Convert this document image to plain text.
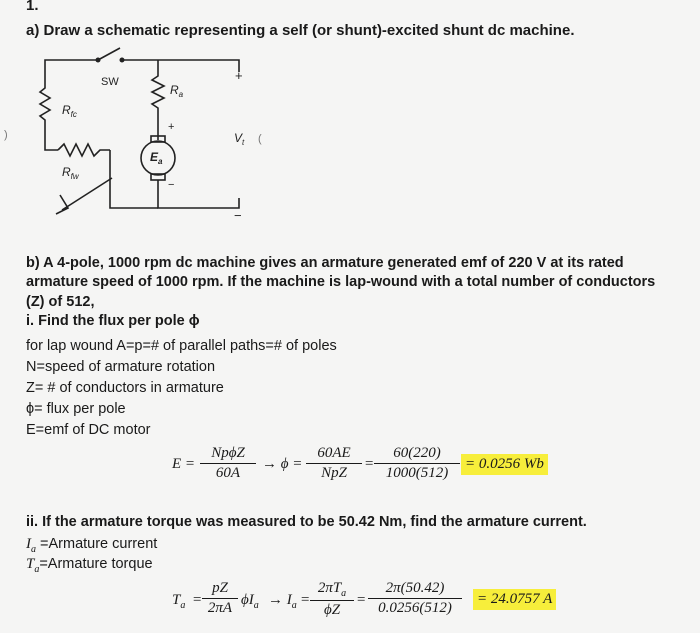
1.
a) Draw a schematic representing a self (or shunt)-excited shunt dc machine.
SW
$R_a$
$R_{fc}$
$R_{fw}$
$E_a$
$V_t$ (
)
+
+
−
−
b) A 4-pole, 1000 rpm dc machine gives an armature generated emf of 220 V at its rated
armature speed of 1000 rpm. If the machine is lap-wound with a total number of conductors
(Z) of 512,
i. Find the flux per pole ϕ
for lap wound A=p=# of parallel paths=# of poles
N=speed of armature rotation
Z= # of conductors in armature
ϕ= flux per pole
E=emf of DC motor
E =
NpϕZ
60A
→ ϕ =
60AE
NpZ
=
60(220)
1000(512)
= 0.0256 Wb
ii. If the armature torque was measured to be 50.42 Nm, find the armature current.
$I_a$ =Armature current
$T_a=Armature$ torque
$T_a$ =
pZ
2πA $\phi I_a \to I_a$ =
$2\pi T_a$
ϕZ
=
2π(50.42)
0.0256(512)
= 24.0757 A
